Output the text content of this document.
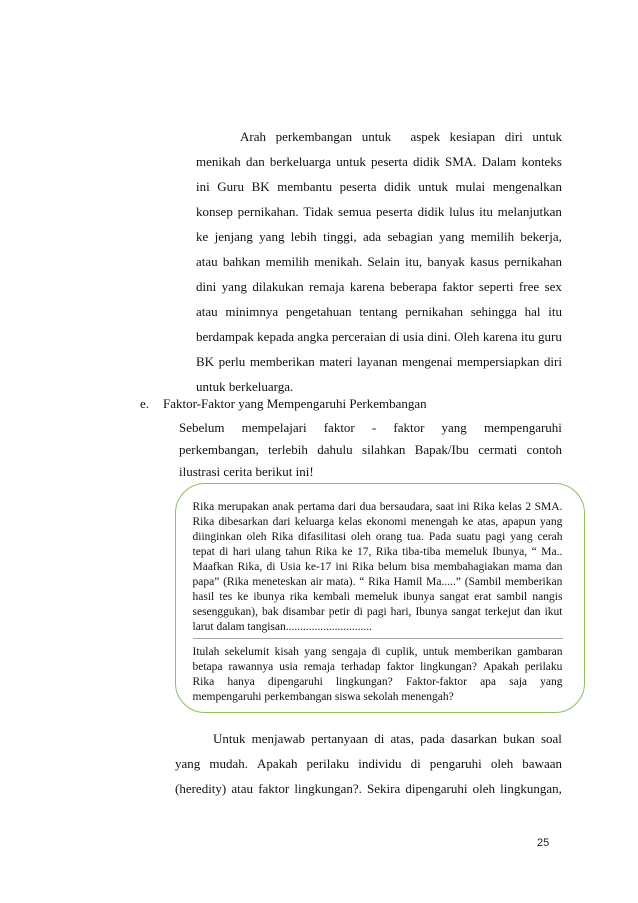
Arah perkembangan untuk aspek kesiapan diri untuk
menikah dan berkeluarga untuk peserta didik SMA. Dalam konteks
ini Guru BK membantu peserta didik untuk mulai mengenalkan
konsep pernikahan. Tidak semua peserta didik lulus itu melanjutkan
ke jenjang yang lebih tinggi, ada sebagian yang memilih bekerja,
atau bahkan memilih menikah. Selain itu, banyak kasus pernikahan
dini yang dilakukan remaja karena beberapa faktor seperti free sex
atau minimnya pengetahuan tentang pernikahan sehingga hal itu
berdampak kepada angka perceraian di usia dini. Oleh karena itu guru
BK perlu memberikan materi layanan mengenai mempersiapkan diri
untuk berkeluarga.
e. Faktor-Faktor yang Mempengaruhi Perkembangan
Sebelum mempelajari faktor - faktor yang mempengaruhi
perkembangan, terlebih dahulu silahkan Bapak/Ibu cermati contoh
ilustrasi cerita berikut ini!
Rika merupakan anak pertama dari dua bersaudara, saat ini Rika kelas 2 SMA.
Rika dibesarkan dari keluarga kelas ekonomi menengah ke atas, apapun yang
diinginkan oleh Rika difasilitasi oleh orang tua. Pada suatu pagi yang cerah
tepat di hari ulang tahun Rika ke 17, Rika tiba-tiba memeluk Ibunya, “ Ma..
Maafkan Rika, di Usia ke-17 ini Rika belum bisa membahagiakan mama dan
papa” (Rika meneteskan air mata). “ Rika Hamil Ma.....” (Sambil memberikan
hasil tes ke ibunya rika kembali memeluk ibunya sangat erat sambil nangis
sesenggukan), bak disambar petir di pagi hari, Ibunya sangat terkejut dan ikut
larut dalam tangisan..............................
Itulah sekelumit kisah yang sengaja di cuplik, untuk memberikan gambaran
betapa rawannya usia remaja terhadap faktor lingkungan? Apakah perilaku
Rika hanya dipengaruhi lingkungan? Faktor-faktor apa saja yang
mempengaruhi perkembangan siswa sekolah menengah?
Untuk menjawab pertanyaan di atas, pada dasarkan bukan soal
yang mudah. Apakah perilaku individu di pengaruhi oleh bawaan
(heredity) atau faktor lingkungan?. Sekira dipengaruhi oleh lingkungan,
25
